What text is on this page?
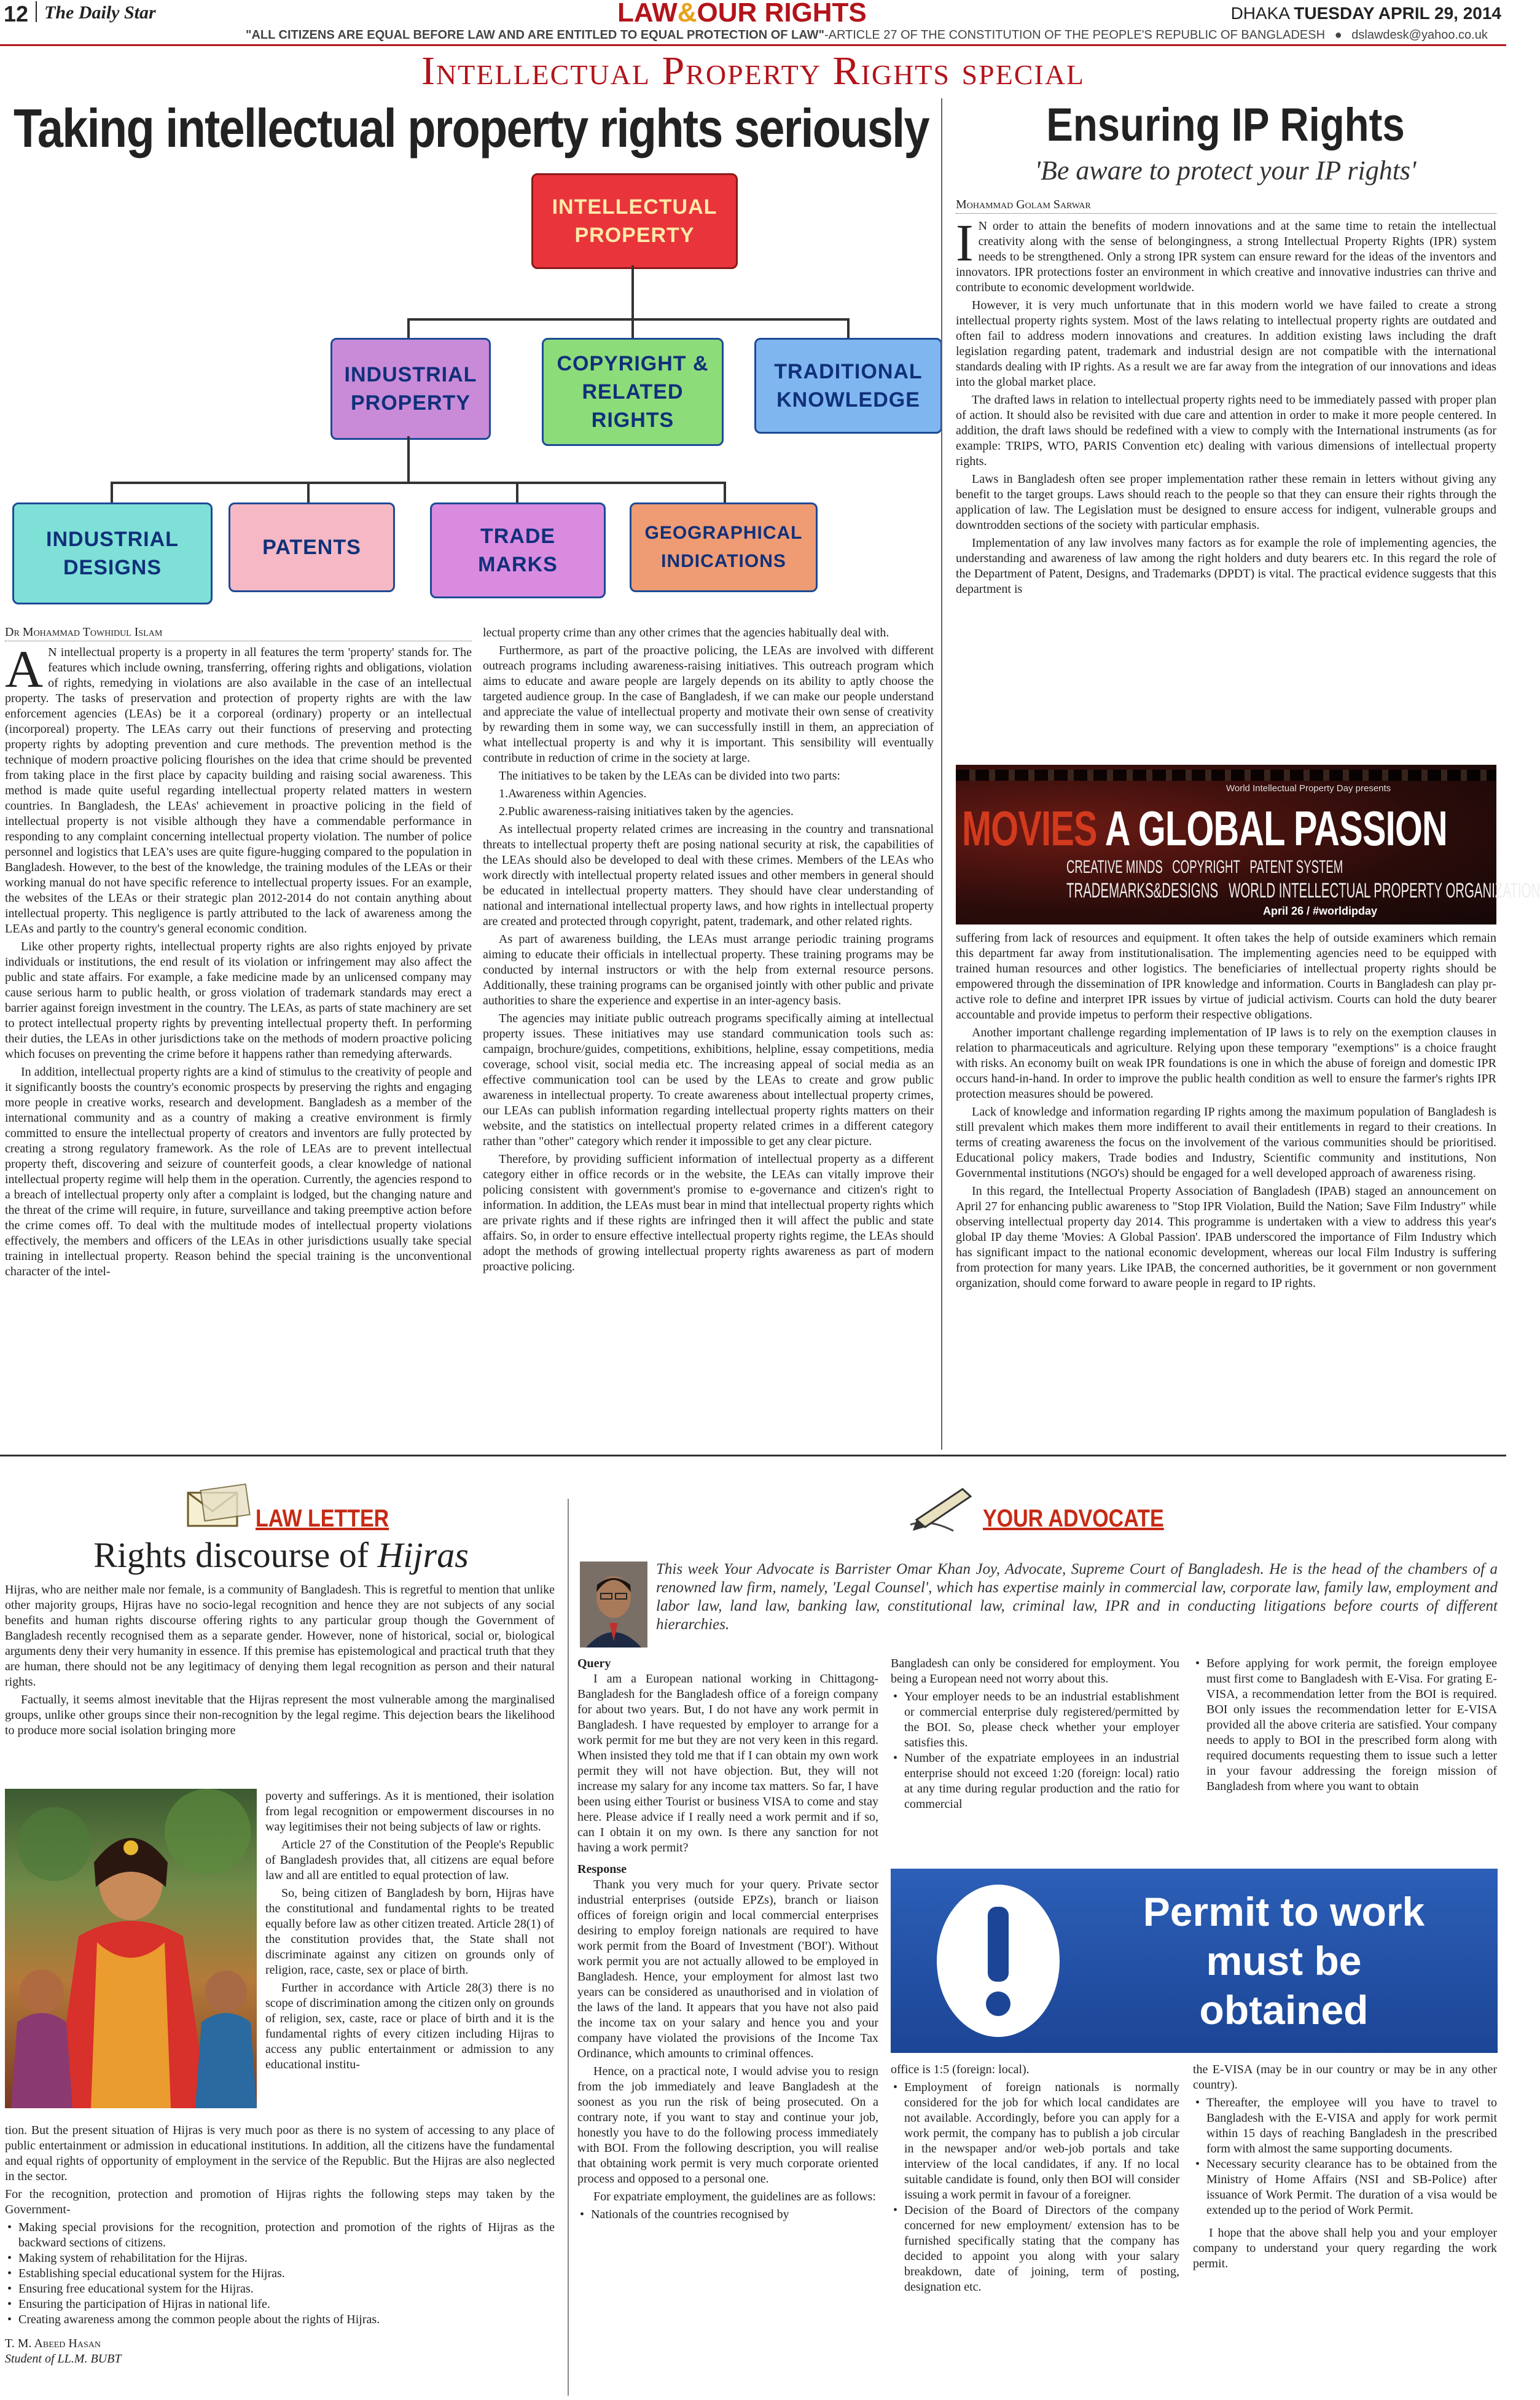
12 The Daily Star	LAW&OUR RIGHTS	DHAKA TUESDAY APRIL 29, 2014
"ALL CITIZENS ARE EQUAL BEFORE LAW AND ARE ENTITLED TO EQUAL PROTECTION OF LAW"-ARTICLE 27 OF THE CONSTITUTION OF THE PEOPLE'S REPUBLIC OF BANGLADESH ● dslawdesk@yahoo.co.uk
Intellectual Property Rights special
Taking intellectual property rights seriously
INTELLECTUAL
PROPERTY
INDUSTRIAL
PROPERTY
COPYRIGHT &
RELATED
RIGHTS
TRADITIONAL
KNOWLEDGE
INDUSTRIAL
DESIGNS
PATENTS	TRADE
MARKS
GEOGRAPHICAL
INDICATIONS
Dr Mohammad Towhidul Islam

A N intellectual property is a property in all features the term 'property' stands for. The features which include owning, transferring, offering rights and obligations, violation of rights, remedying in violations are also available in the case of an intellectual property. The tasks of preservation and protection of property rights are with the law enforcement agencies (LEAs) be it a corporeal (ordinary) property or an intellectual (incorporeal) property. The LEAs carry out their functions of preserving and protecting property rights by adopting prevention and cure methods. The prevention method is the technique of modern proactive policing flourishes on the idea that crime should be prevented from taking place in the first place by capacity building and raising social awareness. This method is made quite useful regarding intellectual property related matters in western countries. In Bangladesh, the LEAs' achievement in proactive policing in the field of intellectual property is not visible although they have a commendable performance in responding to any complaint concerning intellectual property violation. The number of police personnel and logistics that LEA's uses are quite figure-hugging compared to the population in Bangladesh. However, to the best of the knowledge, the training modules of the LEAs or their working manual do not have specific reference to intellectual property issues. For an example, the websites of the LEAs or their strategic plan 2012-2014 do not contain anything about intellectual property. This negligence is partly attributed to the lack of awareness among the LEAs and partly to the country's general economic condition.

Like other property rights, intellectual property rights are also rights enjoyed by private individuals or institutions, the end result of its violation or infringement may also affect the public and state affairs. For example, a fake medicine made by an unlicensed company may cause serious harm to public health, or gross violation of trademark standards may erect a barrier against foreign investment in the country. The LEAs, as parts of state machinery are set to protect intellectual property rights by preventing intellectual property theft. In performing their duties, the LEAs in other jurisdictions take on the methods of modern proactive policing which focuses on preventing the crime before it happens rather than remedying afterwards.

In addition, intellectual property rights are a kind of stimulus to the creativity of people and it significantly boosts the country's economic prospects by preserving the rights and engaging more people in creative works, research and development. Bangladesh as a member of the international community and as a country of making a creative environment is firmly committed to ensure the intellectual property of creators and inventors are fully protected by creating a strong regulatory framework. As the role of LEAs are to prevent intellectual property theft, discovering and seizure of counterfeit goods, a clear knowledge of national intellectual property regime will help them in the operation. Currently, the agencies respond to a breach of intellectual property only after a complaint is lodged, but the changing nature and the threat of the crime will require, in future, surveillance and taking preemptive action before the crime comes off. To deal with the multitude modes of intellectual property violations effectively, the members and officers of the LEAs in other jurisdictions usually take special training in intellectual property. Reason behind the special training is the unconventional character of the intel-

lectual property crime than any other crimes that the agencies habitually deal with.

Furthermore, as part of the proactive policing, the LEAs are involved with different outreach programs including awareness-raising initiatives. This outreach program which aims to educate and aware people are largely depends on its ability to aptly choose the targeted audience group. In the case of Bangladesh, if we can make our people understand and appreciate the value of intellectual property and motivate their own sense of creativity by rewarding them in some way, we can successfully instill in them, an appreciation of what intellectual property is and why it is important. This sensibility will eventually contribute in reduction of crime in the society at large.

The initiatives to be taken by the LEAs can be divided into two parts:

1.Awareness within Agencies.

2.Public awareness-raising initiatives taken by the agencies.

As intellectual property related crimes are increasing in the country and transnational threats to intellectual property theft are posing national security at risk, the capabilities of the LEAs should also be developed to deal with these crimes. Members of the LEAs who work directly with intellectual property related issues and other members in general should be educated in intellectual property matters. They should have clear understanding of national and international intellectual property laws, and how rights in intellectual property are created and protected through copyright, patent, trademark, and other related rights.

As part of awareness building, the LEAs must arrange periodic training programs aiming to educate their officials in intellectual property. These training programs may be conducted by internal instructors or with the help from external resource persons. Additionally, these training programs can be organised jointly with other public and private authorities to share the experience and expertise in an inter-agency basis.

The agencies may initiate public outreach programs specifically aiming at intellectual property issues. These initiatives may use standard communication tools such as: campaign, brochure/guides, competitions, exhibitions, helpline, essay competitions, media coverage, school visit, social media etc. The increasing appeal of social media as an effective communication tool can be used by the LEAs to create and grow public awareness in intellectual property. To create awareness about intellectual property crimes, our LEAs can publish information regarding intellectual property rights matters on their website, and the statistics on intellectual property related crimes in a different category rather than "other" category which render it impossible to get any clear picture.

Therefore, by providing sufficient information of intellectual property as a different category either in office records or in the website, the LEAs can vitally improve their policing consistent with government's promise to e-governance and citizen's right to information. In addition, the LEAs must bear in mind that intellectual property rights which are private rights and if these rights are infringed then it will affect the public and state affairs. So, in order to ensure effective intellectual property rights regime, the LEAs should adopt the methods of growing intellectual property rights awareness as part of modern proactive policing.

Ensuring IP Rights
'Be aware to protect your IP rights'
Mohammad Golam Sarwar

I N order to attain the benefits of modern innovations and at the same time to retain the intellectual creativity along with the sense of belongingness, a strong Intellectual Property Rights (IPR) system needs to be strengthened. Only a strong IPR system can ensure reward for the ideas of the inventors and innovators. IPR protections foster an environment in which creative and innovative industries can thrive and contribute to economic development worldwide.

However, it is very much unfortunate that in this modern world we have failed to create a strong intellectual property rights system. Most of the laws relating to intellectual property rights are outdated and often fail to address modern innovations and creatures. In addition existing laws including the draft legislation regarding patent, trademark and industrial design are not compatible with the international standards dealing with IP rights. As a result we are far away from the integration of our innovations and ideas into the global market place.

The drafted laws in relation to intellectual property rights need to be immediately passed with proper plan of action. It should also be revisited with due care and attention in order to make it more people centered. In addition, the draft laws should be redefined with a view to comply with the International instruments (as for example: TRIPS, WTO, PARIS Convention etc) dealing with various dimensions of intellectual property rights.

Laws in Bangladesh often see proper implementation rather these remain in letters without giving any benefit to the target groups. Laws should reach to the people so that they can ensure their rights through the application of law. The Legislation must be designed to ensure access for indigent, vulnerable groups and downtrodden sections of the society with particular emphasis.

Implementation of any law involves many factors as for example the role of implementing agencies, the understanding and awareness of law among the right holders and duty bearers etc. In this regard the role of the Department of Patent, Designs, and Trademarks (DPDT) is vital. The practical evidence suggests that this department is

World Intellectual Property Day presents
MOVIES A GLOBAL PASSION
CREATIVE MINDS COPYRIGHT PATENT SYSTEM
TRADEMARKS&DESIGNS WORLD INTELLECTUAL PROPERTY ORGANIZATION
April 26 / #worldipday

suffering from lack of resources and equipment. It often takes the help of outside examiners which remain this department far away from institutionalisation. The implementing agencies need to be equipped with trained human resources and other logistics. The beneficiaries of intellectual property rights should be empowered through the dissemination of IPR knowledge and information. Courts in Bangladesh can play pr-active role to define and interpret IPR issues by virtue of judicial activism. Courts can hold the duty bearer accountable and provide impetus to perform their respective obligations.

Another important challenge regarding implementation of IP laws is to rely on the exemption clauses in relation to pharmaceuticals and agriculture. Relying upon these temporary "exemptions" is a choice fraught with risks. An economy built on weak IPR foundations is one in which the abuse of foreign and domestic IPR occurs hand-in-hand. In order to improve the public health condition as well to ensure the farmer's rights IPR protection measures should be powered.

Lack of knowledge and information regarding IP rights among the maximum population of Bangladesh is still prevalent which makes them more indifferent to avail their entitlements in regard to their creations. In terms of creating awareness the focus on the involvement of the various communities should be prioritised. Educational policy makers, Trade bodies and Industry, Scientific community and institutions, Non Governmental institutions (NGO's) should be engaged for a well developed approach of awareness rising.

In this regard, the Intellectual Property Association of Bangladesh (IPAB) staged an announcement on April 27 for enhancing public awareness to "Stop IPR Violation, Build the Nation; Save Film Industry" while observing intellectual property day 2014. This programme is undertaken with a view to address this year's global IP day theme 'Movies: A Global Passion'. IPAB underscored the importance of Film Industry which has significant impact to the national economic development, whereas our local Film Industry is suffering from protection for many years. Like IPAB, the concerned authorities, be it government or non government organization, should come forward to aware people in regard to IP rights.

LAW LETTER
Rights discourse of Hijras

Hijras, who are neither male nor female, is a community of Bangladesh. This is regretful to mention that unlike other majority groups, Hijras have no socio-legal recognition and hence they are not subjects of any social benefits and human rights discourse offering rights to any particular group though the Government of Bangladesh recently recognised them as a separate gender. However, none of historical, social or, biological arguments deny their very humanity in essence. If this premise has epistemological and practical truth that they are human, there should not be any legitimacy of denying them legal recognition as person and their natural rights.

Factually, it seems almost inevitable that the Hijras represent the most vulnerable among the marginalised groups, unlike other groups since their non-recognition by the legal regime. This dejection bears the likelihood to produce more social isolation bringing more

poverty and sufferings. As it is mentioned, their isolation from legal recognition or empowerment discourses in no way legitimises their not being subjects of law or rights.

Article 27 of the Constitution of the People's Republic of Bangladesh provides that, all citizens are equal before law and all are entitled to equal protection of law.

So, being citizen of Bangladesh by born, Hijras have the constitutional and fundamental rights to be treated equally before law as other citizen treated. Article 28(1) of the constitution provides that, the State shall not discriminate against any citizen on grounds only of religion, race, caste, sex or place of birth.

Further in accordance with Article 28(3) there is no scope of discrimination among the citizen only on grounds of religion, sex, caste, race or place of birth and it is the fundamental rights of every citizen including Hijras to access any public entertainment or admission to any educational institu-

tion. But the present situation of Hijras is very much poor as there is no system of accessing to any place of public entertainment or admission in educational institutions. In addition, all the citizens have the fundamental and equal rights of opportunity of employment in the service of the Republic. But the Hijras are also neglected in the sector.

For the recognition, protection and promotion of Hijras rights the following steps may taken by the Government-

• Making special provisions for the recognition, protection and promotion of the rights of Hijras as the backward sections of citizens.
• Making system of rehabilitation for the Hijras.
• Establishing special educational system for the Hijras.
• Ensuring free educational system for the Hijras.
• Ensuring the participation of Hijras in national life.
• Creating awareness among the common people about the rights of Hijras.
T. M. Abeed Hasan
Student of LL.M. BUBT
YOUR ADVOCATE
This week Your Advocate is Barrister Omar Khan Joy, Advocate, Supreme Court of Bangladesh. He is the head of the chambers of a renowned law firm, namely, 'Legal Counsel', which has expertise mainly in commercial law, corporate law, family law, employment and labor law, land law, banking law, constitutional law, criminal law, IPR and in conducting litigations before courts of different hierarchies.
Query

I am a European national working in Chittagong- Bangladesh for the Bangladesh office of a foreign company for about two years. But, I do not have any work permit in Bangladesh. I have requested by employer to arrange for a work permit for me but they are not very keen in this regard. When insisted they told me that if I can obtain my own work permit they will not have objection. But, they will not increase my salary for any income tax matters. So far, I have been using either Tourist or business VISA to come and stay here. Please advice if I really need a work permit and if so, can I obtain it on my own. Is there any sanction for not having a work permit?

Response

Thank you very much for your query. Private sector industrial enterprises (outside EPZs), branch or liaison offices of foreign origin and local commercial enterprises desiring to employ foreign nationals are required to have work permit from the Board of Investment ('BOI'). Without work permit you are not actually allowed to be employed in Bangladesh. Hence, your employment for almost last two years can be considered as unauthorised and in violation of the laws of the land. It appears that you have not also paid the income tax on your salary and hence you and your company have violated the provisions of the Income Tax Ordinance, which amounts to criminal offences.

Hence, on a practical note, I would advise you to resign from the job immediately and leave Bangladesh at the soonest as you run the risk of being prosecuted. On a contrary note, if you want to stay and continue your job, honestly you have to do the following process immediately with BOI. From the following description, you will realise that obtaining work permit is very much corporate oriented process and opposed to a personal one.

For expatriate employment, the guidelines are as follows:

• Nationals of the countries recognised by

Bangladesh can only be considered for employment. You being a European need not worry about this.

• Your employer needs to be an industrial establishment or commercial enterprise duly registered/permitted by the BOI. So, please check whether your employer satisfies this.
• Number of the expatriate employees in an industrial enterprise should not exceed 1:20 (foreign: local) ratio at any time during regular production and the ratio for commercial
• Before applying for work permit, the foreign employee must first come to Bangladesh with E-Visa. For grating E-VISA, a recommendation letter from the BOI is required. BOI only issues the recommendation letter for E-VISA provided all the above criteria are satisfied. Your company needs to apply to BOI in the prescribed form along with required documents requesting them to issue such a letter in your favour addressing the foreign mission of Bangladesh from where you want to obtain
Permit to work
must be
obtained

office is 1:5 (foreign: local).

• Employment of foreign nationals is normally considered for the job for which local candidates are not available. Accordingly, before you can apply for a work permit, the company has to publish a job circular in the newspaper and/or web-job portals and take interview of the local candidates, if any. If no local suitable candidate is found, only then BOI will consider issuing a work permit in favour of a foreigner.
• Decision of the Board of Directors of the company concerned for new employment/ extension has to be furnished specifically stating that the company has decided to appoint you along with your salary breakdown, date of joining, term of posting, designation etc.

the E-VISA (may be in our country or may be in any other country).

• Thereafter, the employee will you have to travel to Bangladesh with the E-VISA and apply for work permit within 15 days of reaching Bangladesh in the prescribed form with almost the same supporting documents.
• Necessary security clearance has to be obtained from the Ministry of Home Affairs (NSI and SB-Police) after issuance of Work Permit. The duration of a visa would be extended up to the period of Work Permit.

I hope that the above shall help you and your employer company to understand your query regarding the work permit.
